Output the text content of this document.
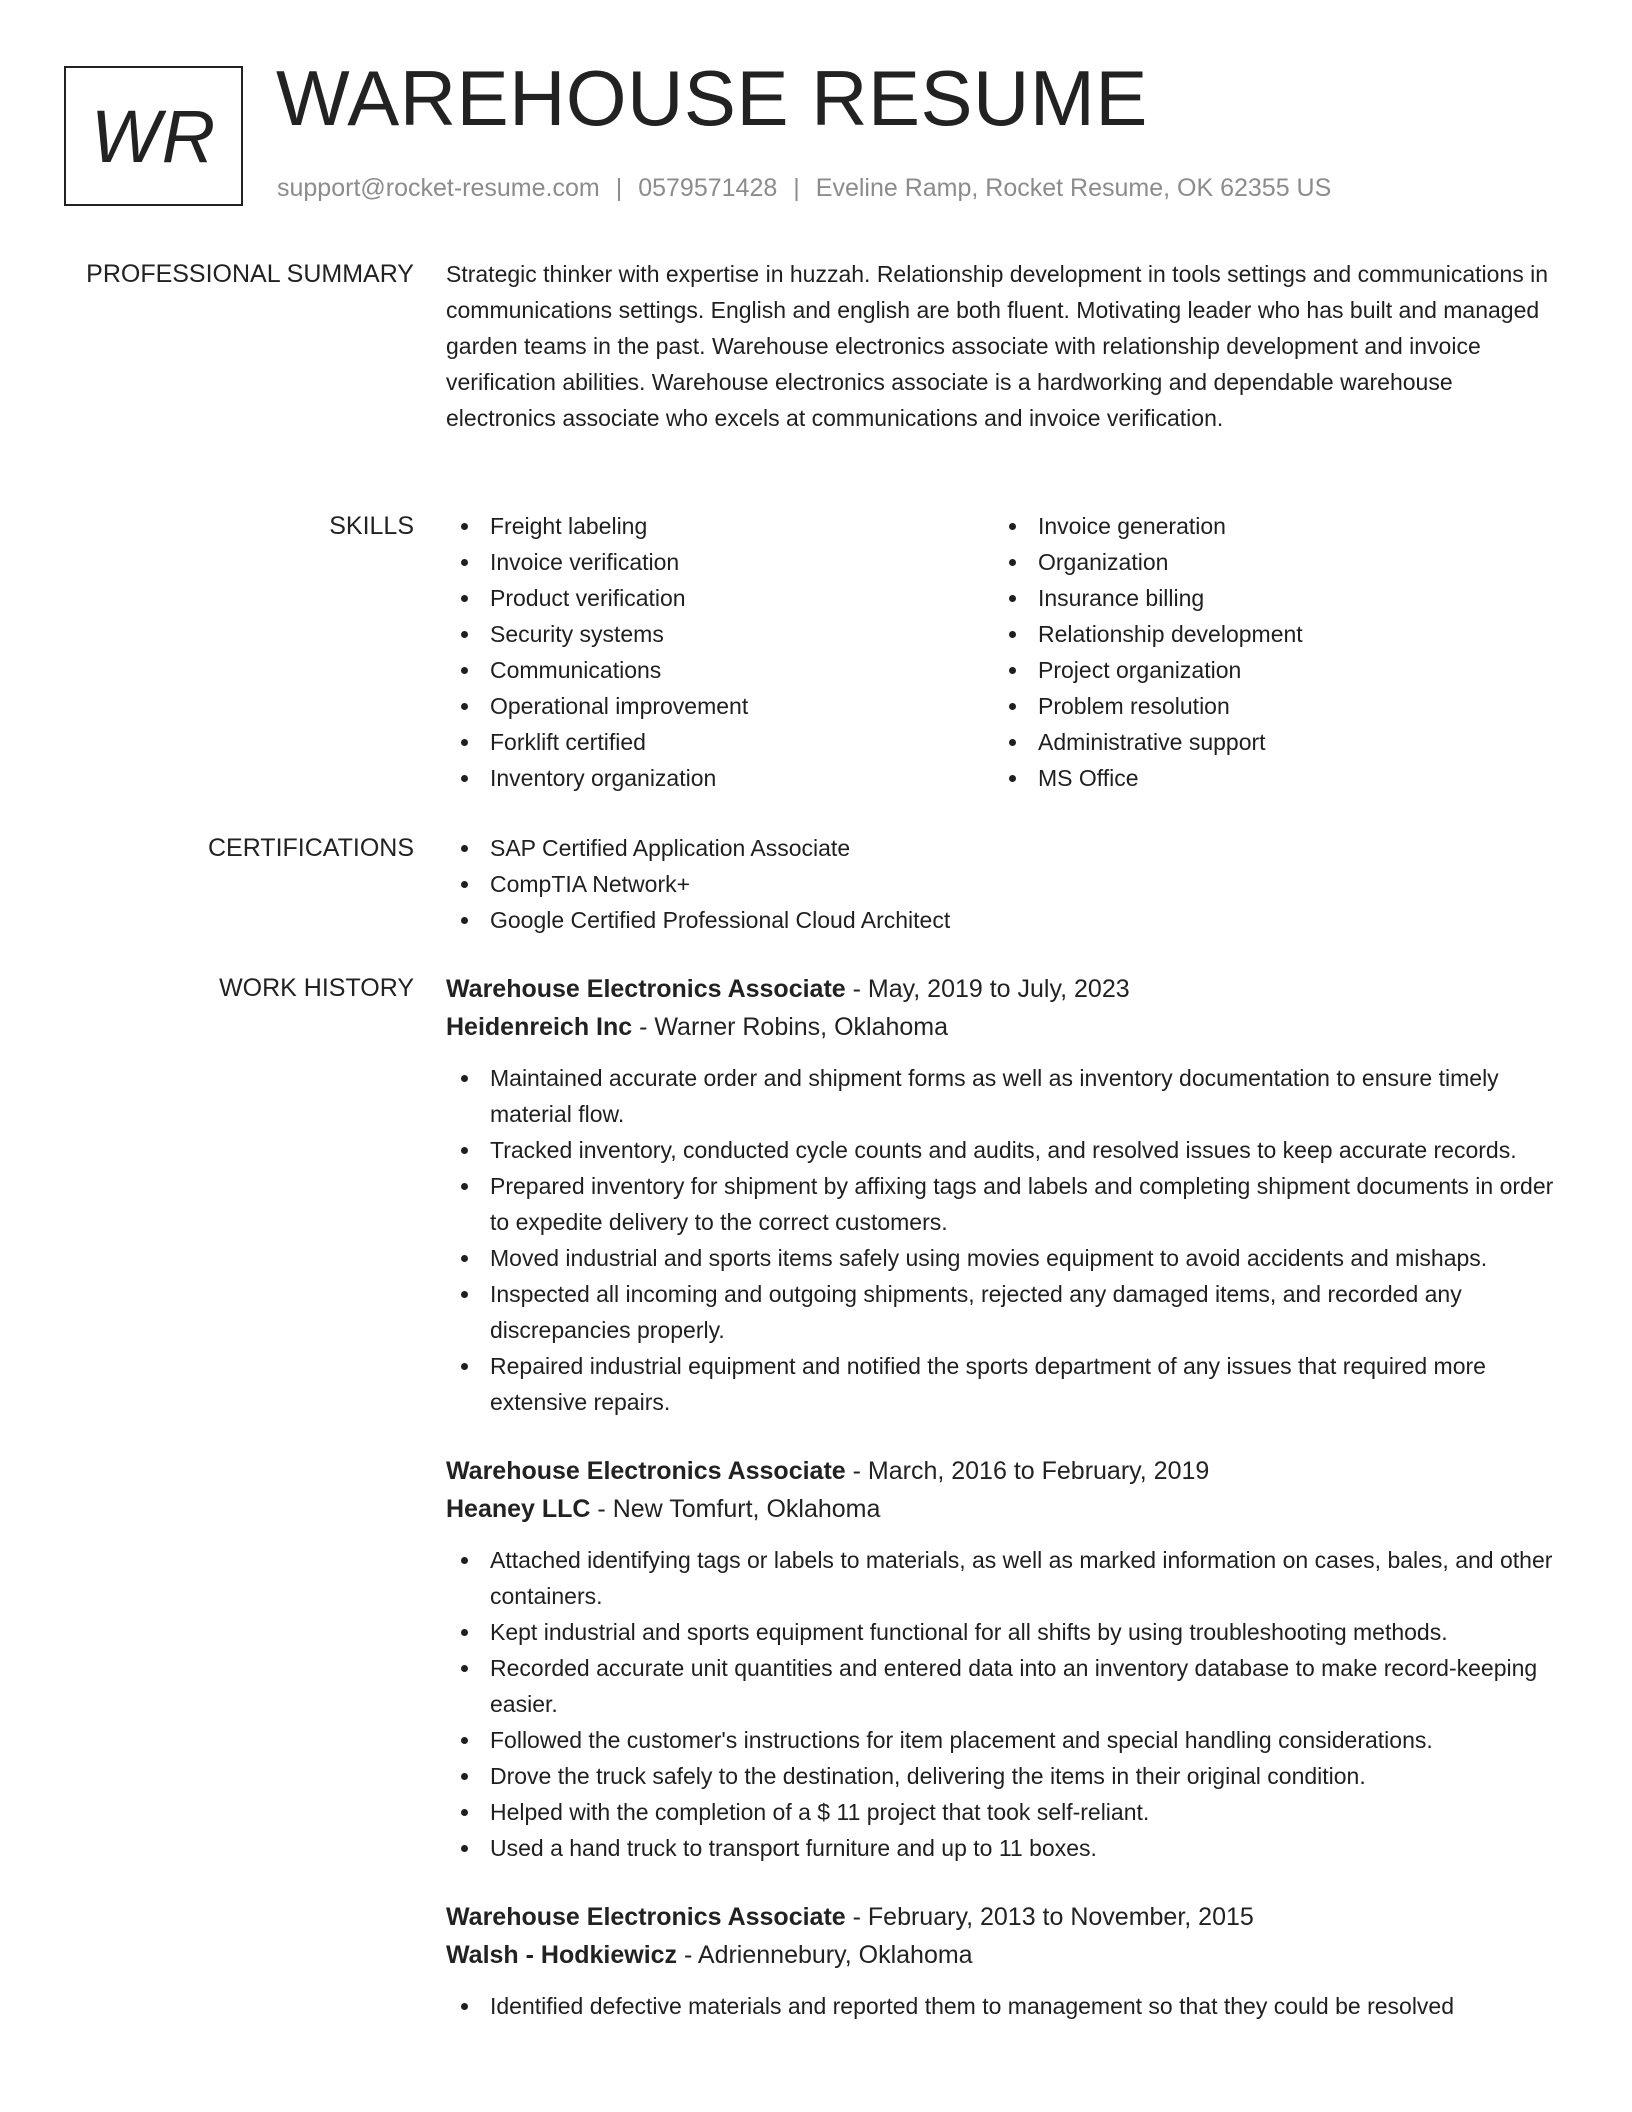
WR WAREHOUSE RESUME
support@rocket-resume.com | 0579571428 | Eveline Ramp, Rocket Resume, OK 62355 US
PROFESSIONAL SUMMARY Strategic thinker with expertise in huzzah. Relationship development in tools settings and communications in communications settings. English and english are both fluent. Motivating leader who has built and managed garden teams in the past. Warehouse electronics associate with relationship development and invoice verification abilities. Warehouse electronics associate is a hardworking and dependable warehouse electronics associate who excels at communications and invoice verification.

SKILLS	Freight labeling
Invoice verification
Product verification
Security systems
Communications
Operational improvement
Forklift certified
Inventory organization
Invoice generation
Organization
Insurance billing
Relationship development
Project organization
Problem resolution
Administrative support
MS Office
CERTIFICATIONS	SAP Certified Application Associate
CompTIA Network+
Google Certified Professional Cloud Architect
WORK HISTORY Warehouse Electronics Associate - May, 2019 to July, 2023
Heidenreich Inc - Warner Robins, Oklahoma
Maintained accurate order and shipment forms as well as inventory documentation to ensure timely material flow.
Tracked inventory, conducted cycle counts and audits, and resolved issues to keep accurate records.
Prepared inventory for shipment by affixing tags and labels and completing shipment documents in order to expedite delivery to the correct customers.
Moved industrial and sports items safely using movies equipment to avoid accidents and mishaps.
Inspected all incoming and outgoing shipments, rejected any damaged items, and recorded any discrepancies properly.
Repaired industrial equipment and notified the sports department of any issues that required more extensive repairs.
Warehouse Electronics Associate - March, 2016 to February, 2019
Heaney LLC - New Tomfurt, Oklahoma
Attached identifying tags or labels to materials, as well as marked information on cases, bales, and other containers.
Kept industrial and sports equipment functional for all shifts by using troubleshooting methods.
Recorded accurate unit quantities and entered data into an inventory database to make record-keeping easier.
Followed the customer's instructions for item placement and special handling considerations.
Drove the truck safely to the destination, delivering the items in their original condition.
Helped with the completion of a $ 11 project that took self-reliant.
Used a hand truck to transport furniture and up to 11 boxes.
Warehouse Electronics Associate - February, 2013 to November, 2015
Walsh - Hodkiewicz - Adriennebury, Oklahoma
Identified defective materials and reported them to management so that they could be resolved
